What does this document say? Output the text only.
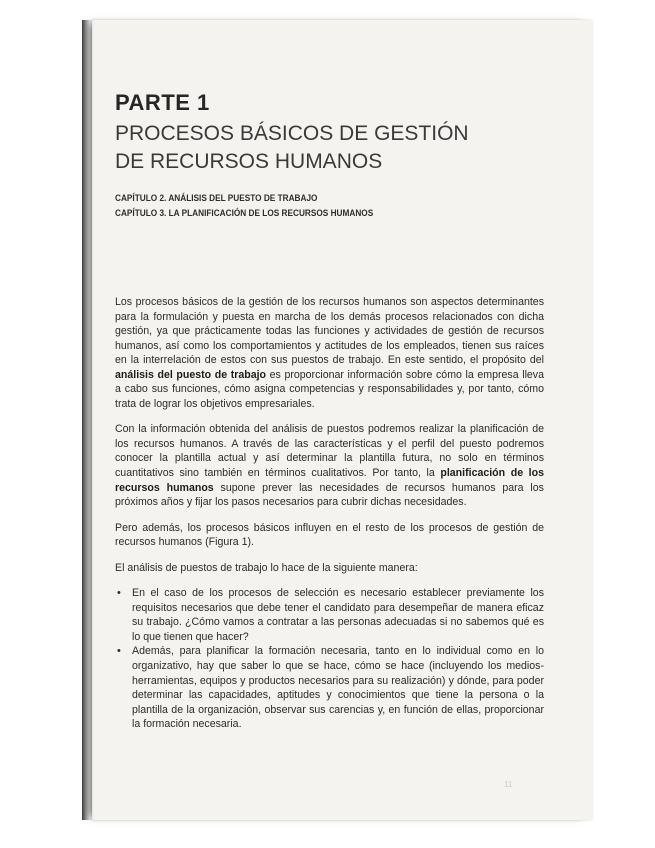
PARTE 1
PROCESOS BÁSICOS DE GESTIÓN
DE RECURSOS HUMANOS
CAPÍTULO 2. ANÁLISIS DEL PUESTO DE TRABAJO
CAPÍTULO 3. LA PLANIFICACIÓN DE LOS RECURSOS HUMANOS

Los procesos básicos de la gestión de los recursos humanos son aspectos determinantes para la formulación y puesta en marcha de los demás procesos relacionados con dicha gestión, ya que prácticamente todas las funciones y actividades de gestión de recursos humanos, así como los comportamientos y actitudes de los empleados, tienen sus raíces en la interrelación de estos con sus puestos de trabajo. En este sentido, el propósito del análisis del puesto de trabajo es proporcionar información sobre cómo la empresa lleva a cabo sus funciones, cómo asigna competencias y responsabilidades y, por tanto, cómo trata de lograr los objetivos empresariales.

Con la información obtenida del análisis de puestos podremos realizar la planificación de los recursos humanos. A través de las características y el perfil del puesto podremos conocer la plantilla actual y así determinar la plantilla futura, no solo en términos cuantitativos sino también en términos cualitativos. Por tanto, la planificación de los recursos humanos supone prever las necesidades de recursos humanos para los próximos años y fijar los pasos necesarios para cubrir dichas necesidades.

Pero además, los procesos básicos influyen en el resto de los procesos de gestión de recursos humanos (Figura 1).

El análisis de puestos de trabajo lo hace de la siguiente manera:

• En el caso de los procesos de selección es necesario establecer previamente los requisitos necesarios que debe tener el candidato para desempeñar de manera eficaz su trabajo. ¿Cómo vamos a contratar a las personas adecuadas si no sabemos qué es lo que tienen que hacer?
• Además, para planificar la formación necesaria, tanto en lo individual como en lo organizativo, hay que saber lo que se hace, cómo se hace (incluyendo los medios-herramientas, equipos y productos necesarios para su realización) y dónde, para poder determinar las capacidades, aptitudes y conocimientos que tiene la persona o la plantilla de la organización, observar sus carencias y, en función de ellas, proporcionar la formación necesaria.
11
